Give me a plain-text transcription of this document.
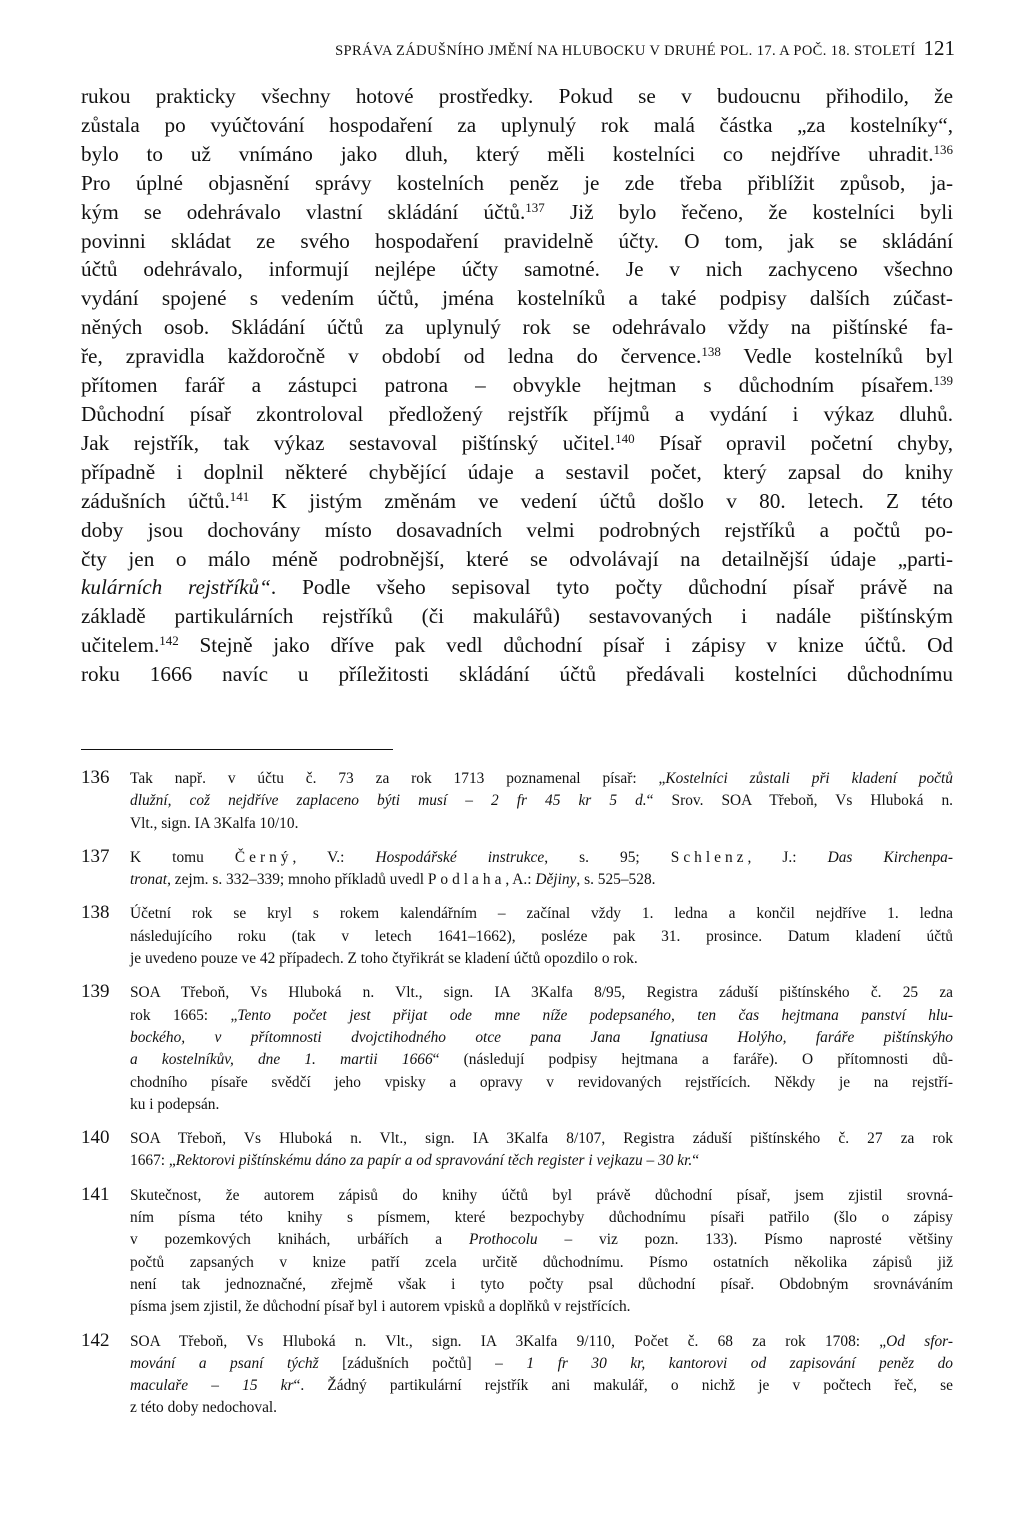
SPRÁVA ZÁDUŠNÍHO JMĚNÍ NA HLUBOCKU V DRUHÉ POL. 17. A POČ. 18. STOLETÍ 121
rukou prakticky všechny hotové prostředky. Pokud se v budoucnu přihodilo, že
zůstala po vyúčtování hospodaření za uplynulý rok malá částka „za kostelníky“,
bylo to už vnímáno jako dluh, který měli kostelníci co nejdříve uhradit.$^{136}$
Pro úplné objasnění správy kostelních peněz je zde třeba přiblížit způsob, ja-
kým se odehrávalo vlastní skládání účtů.$^{137}$ Již bylo řečeno, že kostelníci byli
povinni skládat ze svého hospodaření pravidelně účty. O tom, jak se skládání
účtů odehrávalo, informují nejlépe účty samotné. Je v nich zachyceno všechno
vydání spojené s vedením účtů, jména kostelníků a také podpisy dalších zúčast-
něných osob. Skládání účtů za uplynulý rok se odehrávalo vždy na pištínské fa-
ře, zpravidla každoročně v období od ledna do července.$^{138}$ Vedle kostelníků byl
přítomen farář a zástupci patrona – obvykle hejtman s důchodním písařem.$^{139}$
Důchodní písař zkontroloval předložený rejstřík příjmů a vydání i výkaz dluhů.
Jak rejstřík, tak výkaz sestavoval pištínský učitel.$^{140}$ Písař opravil početní chyby,
případně i doplnil některé chybějící údaje a sestavil počet, který zapsal do knihy
zádušních účtů.$^{141}$ K jistým změnám ve vedení účtů došlo v 80. letech. Z této
doby jsou dochovány místo dosavadních velmi podrobných rejstříků a počtů po-
čty jen o málo méně podrobnější, které se odvolávají na detailnější údaje „parti-
kulárních rejstříků“. Podle všeho sepisoval tyto počty důchodní písař právě na
základě partikulárních rejstříků (či makulářů) sestavovaných i nadále pištínským
učitelem.$^{142}$ Stejně jako dříve pak vedl důchodní písař i zápisy v knize účtů. Od
roku 1666 navíc u příležitosti skládání účtů předávali kostelníci důchodnímu
136	Tak např. v účtu č. 73 za rok 1713 poznamenal písař: „Kostelníci zůstali při kladení počtů
dlužní, což nejdříve zaplaceno býti musí – 2 fr 45 kr 5 d.“ Srov. SOA Třeboň, Vs Hluboká n.
Vlt., sign. IA 3Kalfa 10/10.
137	K tomu Černý, V.: Hospodářské instrukce, s. 95; Schlenz, J.: Das Kirchenpa-
tronat, zejm. s. 332–339; mnoho příkladů uvedl Podlaha, A.: Dějiny, s. 525–528.
138	Účetní rok se kryl s rokem kalendářním – začínal vždy 1. ledna a končil nejdříve 1. ledna
následujícího roku (tak v letech 1641–1662), posléze pak 31. prosince. Datum kladení účtů
je uvedeno pouze ve 42 případech. Z toho čtyřikrát se kladení účtů opozdilo o rok.
139	SOA Třeboň, Vs Hluboká n. Vlt., sign. IA 3Kalfa 8/95, Registra záduší pištínského č. 25 za
rok 1665: „Tento počet jest přijat ode mne níže podepsaného, ten čas hejtmana panství hlu-
bockého, v přítomnosti dvojctihodného otce pana Jana Ignatiusa Holýho, faráře pištínskýho
a kostelníkův, dne 1. martii 1666“ (následují podpisy hejtmana a faráře). O přítomnosti dů-
chodního písaře svědčí jeho vpisky a opravy v revidovaných rejstřících. Někdy je na rejstří-
ku i podepsán.
140	SOA Třeboň, Vs Hluboká n. Vlt., sign. IA 3Kalfa 8/107, Registra záduší pištínského č. 27 za rok
1667: „Rektorovi pištínskému dáno za papír a od spravování těch register i vejkazu – 30 kr.“
141	Skutečnost, že autorem zápisů do knihy účtů byl právě důchodní písař, jsem zjistil srovná-
ním písma této knihy s písmem, které bezpochyby důchodnímu písaři patřilo (šlo o zápisy
v pozemkových knihách, urbářích a Prothocolu – viz pozn. 133). Písmo naprosté většiny
počtů zapsaných v knize patří zcela určitě důchodnímu. Písmo ostatních několika zápisů již
není tak jednoznačné, zřejmě však i tyto počty psal důchodní písař. Obdobným srovnáváním
písma jsem zjistil, že důchodní písař byl i autorem vpisků a doplňků v rejstřících.
142	SOA Třeboň, Vs Hluboká n. Vlt., sign. IA 3Kalfa 9/110, Počet č. 68 za rok 1708: „Od sfor-
mování a psaní týchž [zádušních počtů] – 1 fr 30 kr, kantorovi od zapisování peněz do
maculaře – 15 kr“. Žádný partikulární rejstřík ani makulář, o nichž je v počtech řeč, se
z této doby nedochoval.
